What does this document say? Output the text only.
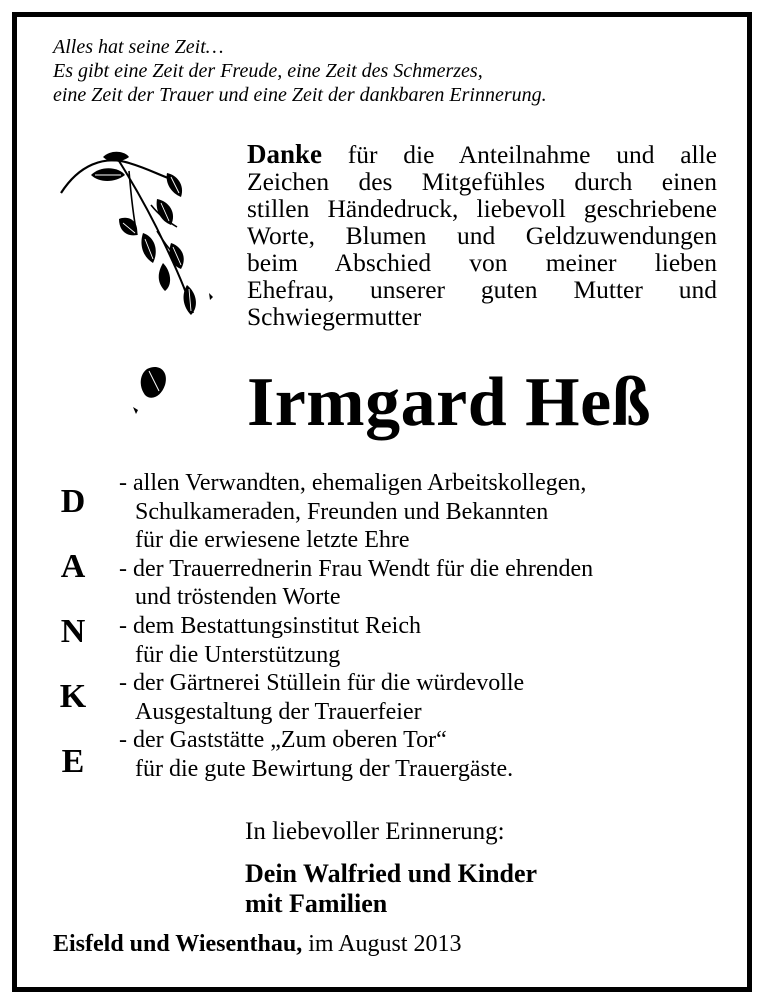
Alles hat seine Zeit…
Es gibt eine Zeit der Freude, eine Zeit des Schmerzes,
eine Zeit der Trauer und eine Zeit der dankbaren Erinnerung.
Danke für die Anteilnahme und alle
Zeichen des Mitgefühles durch einen
stillen Händedruck, liebevoll geschriebene
Worte, Blumen und Geldzuwendungen
beim Abschied von meiner lieben
Ehefrau, unserer guten Mutter und
Schwiegermutter
Irmgard Heß
D
A
N
K
E
- allen Verwandten, ehemaligen Arbeitskollegen,
Schulkameraden, Freunden und Bekannten
für die erwiesene letzte Ehre
- der Trauerrednerin Frau Wendt für die ehrenden
und tröstenden Worte
- dem Bestattungsinstitut Reich
für die Unterstützung
- der Gärtnerei Stüllein für die würdevolle
Ausgestaltung der Trauerfeier
- der Gaststätte „Zum oberen Tor“
für die gute Bewirtung der Trauergäste.
In liebevoller Erinnerung:
Dein Walfried und Kinder
mit Familien
Eisfeld und Wiesenthau, im August 2013
